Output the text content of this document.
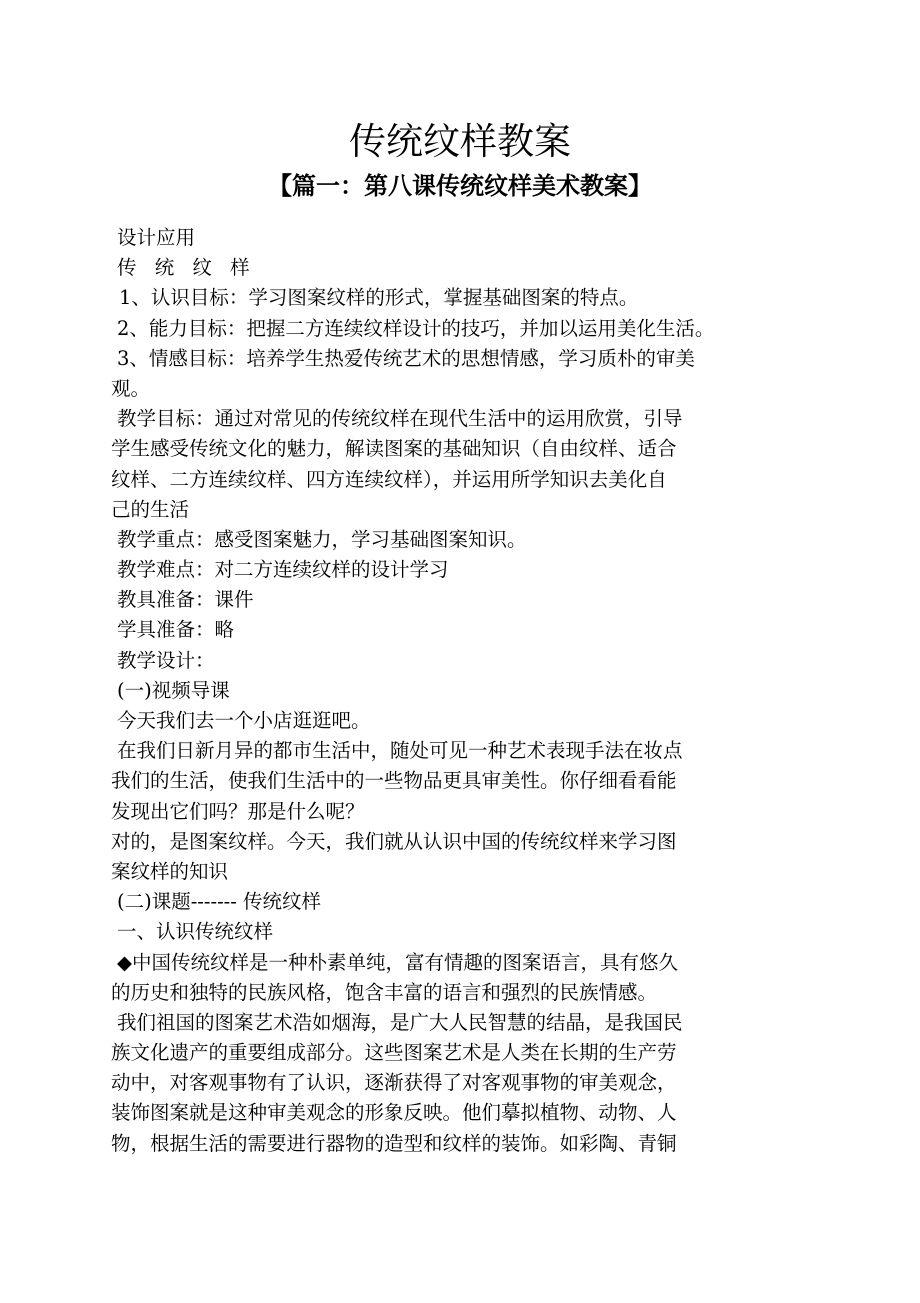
传统纹样教案
【篇一：第八课传统纹样美术教案】

设计应用

传 统 纹 样

1、认识目标：学习图案纹样的形式，掌握基础图案的特点。

2、能力目标：把握二方连续纹样设计的技巧，并加以运用美化生活。

3、情感目标：培养学生热爱传统艺术的思想情感，学习质朴的审美

观。

教学目标：通过对常见的传统纹样在现代生活中的运用欣赏，引导

学生感受传统文化的魅力，解读图案的基础知识（自由纹样、适合

纹样、二方连续纹样、四方连续纹样），并运用所学知识去美化自

己的生活

教学重点：感受图案魅力，学习基础图案知识。

教学难点：对二方连续纹样的设计学习

教具准备：课件

学具准备：略

教学设计：

(一)视频导课

今天我们去一个小店逛逛吧。

在我们日新月异的都市生活中，随处可见一种艺术表现手法在妆点

我们的生活，使我们生活中的一些物品更具审美性。你仔细看看能

发现出它们吗？那是什么呢？

对的，是图案纹样。今天，我们就从认识中国的传统纹样来学习图

案纹样的知识

(二)课题------- 传统纹样

一、认识传统纹样

◆中国传统纹样是一种朴素单纯，富有情趣的图案语言，具有悠久

的历史和独特的民族风格，饱含丰富的语言和强烈的民族情感。

我们祖国的图案艺术浩如烟海，是广大人民智慧的结晶，是我国民

族文化遗产的重要组成部分。这些图案艺术是人类在长期的生产劳

动中，对客观事物有了认识，逐渐获得了对客观事物的审美观念，

装饰图案就是这种审美观念的形象反映。他们摹拟植物、动物、人

物，根据生活的需要进行器物的造型和纹样的装饰。如彩陶、青铜
